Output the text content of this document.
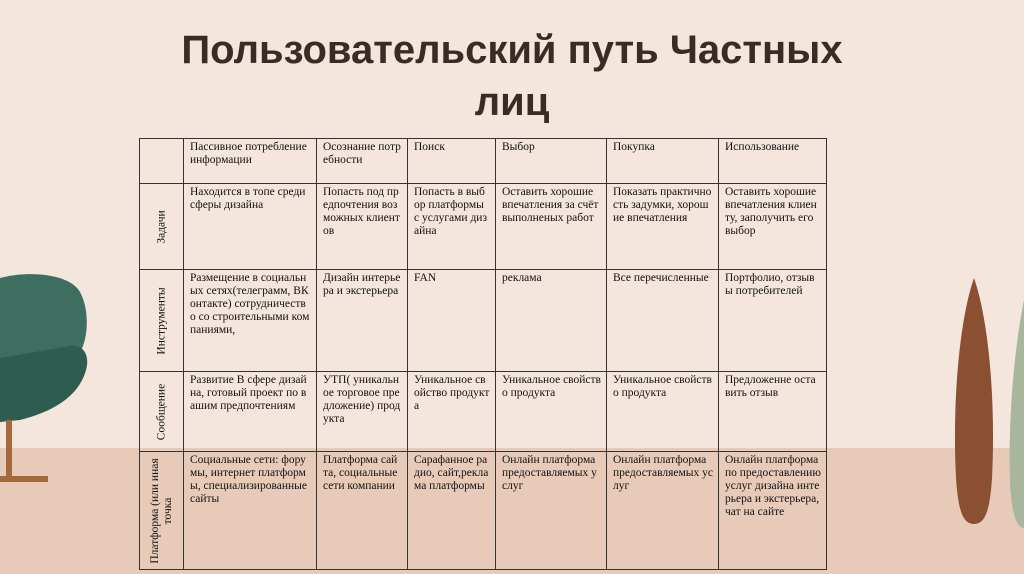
Пользовательский путь Частных
лиц

	Пассивное потребление информации	Осознание потребности	Поиск	Выбор	Покупка	Использование

Задачи	Находится в топе среди сферы дизайна	Попасть под предпочтения возможных клиентов	Попасть в выбор платформы с услугами дизайна	Оставить хорошие впечатления за счёт выполненых работ	Показать практичность задумки, хорошие впечатления	Оставить хорошие впечатления клиенту, заполучить его выбор

Инструменты	Размещение в социальных сетях(телеграмм, ВКонтакте) сотрудничество со строительными компаниями,	Дизайн интерьера и экстерьера	FAN	реклама	Все перечисленные	Портфолио, отзывы потребителей

Сообщение	Развитие В сфере дизайна, готовый проект по вашим предпочтениям	УТП( уникальное торговое предложение) продукта	Уникальное свойство продукта	Уникальное свойство продукта	Уникальное свойство продукта	Предложенне оставить отзыв

Платформа (или иная точка	Социальные сети: форумы, интернет платформы, специализированные сайты	Платформа сайта, социальные сети компании	Сарафанное радио, сайт,реклама платформы	Онлайн платформа предоставляемых услуг	Онлайн платформа предоставляемых услуг	Онлайн платформа по предоставлению услуг дизайна интерьера и экстерьера, чат на сайте
